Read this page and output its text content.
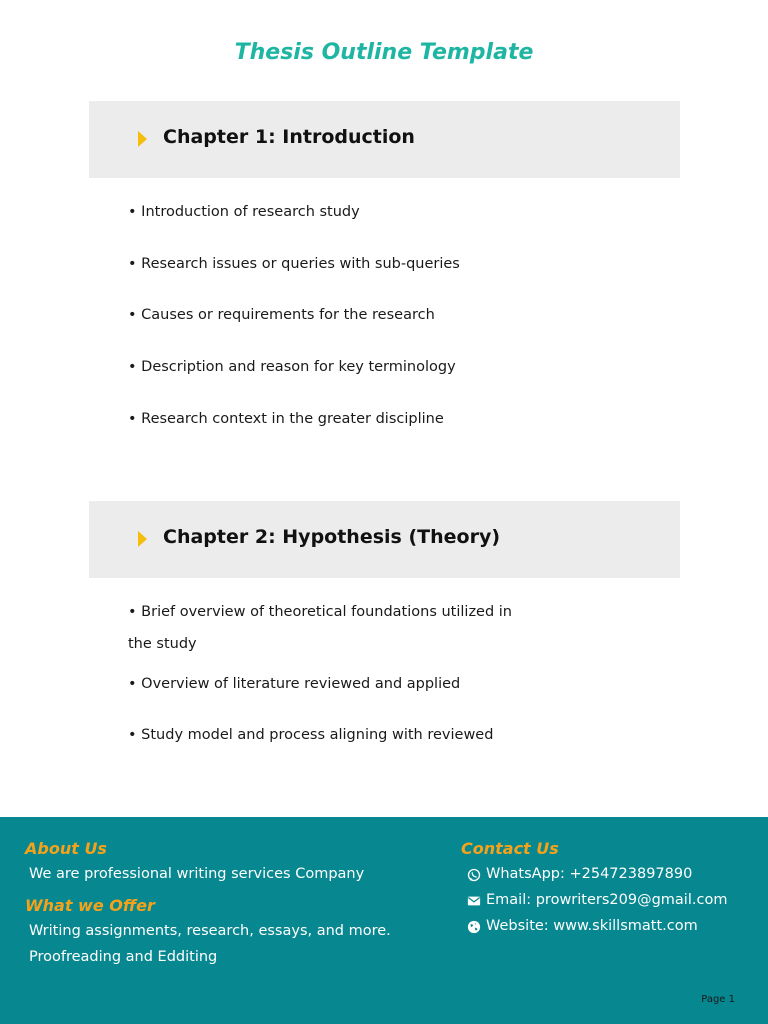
Thesis Outline Template
Chapter 1: Introduction
• Introduction of research study
• Research issues or queries with sub-queries
• Causes or requirements for the research
• Description and reason for key terminology
• Research context in the greater discipline
Chapter 2: Hypothesis (Theory)
• Brief overview of theoretical foundations utilized in the study
• Overview of literature reviewed and applied
• Study model and process aligning with reviewed
About Us
We are professional writing services Company
What we Offer
Writing assignments, research, essays, and more.
Proofreading and Edditing
Contact Us
WhatsApp: +254723897890
Email: prowriters209@gmail.com
Website: www.skillsmatt.com
Page 1
